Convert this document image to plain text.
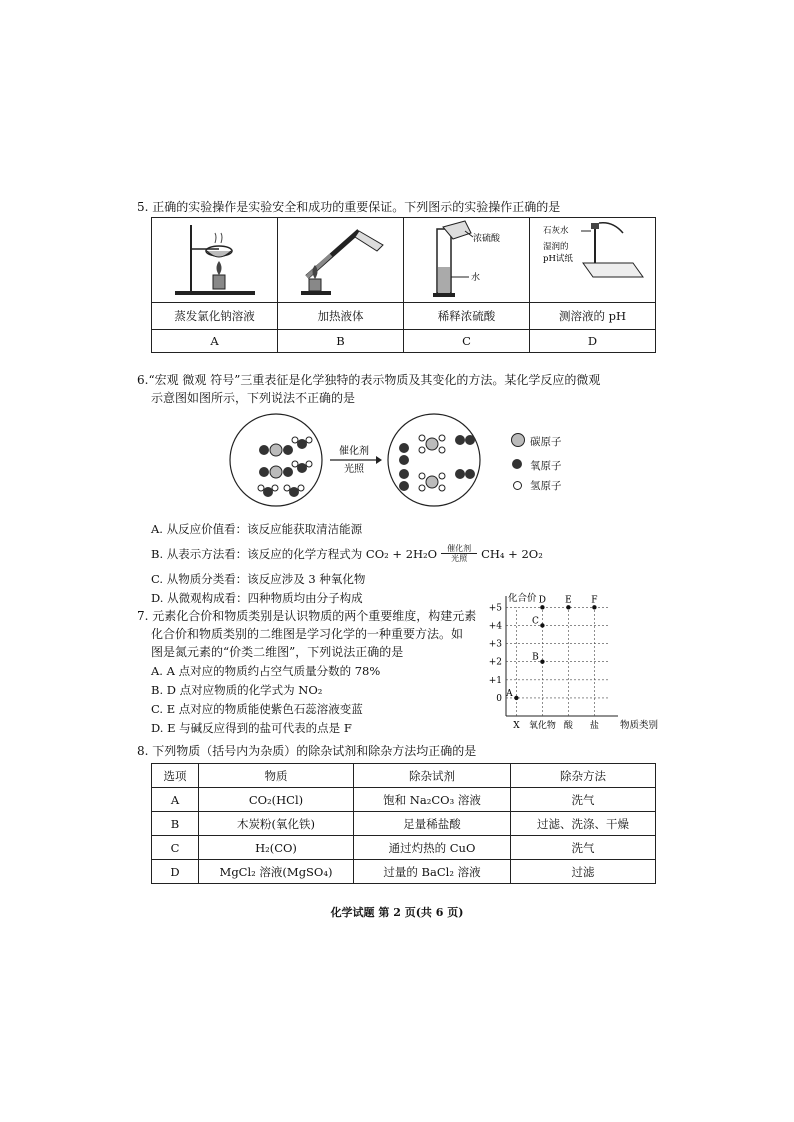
5. 正确的实验操作是实验安全和成功的重要保证。下列图示的实验操作正确的是

浓硫酸
水	石灰水
湿润的
pH试纸

蒸发氯化钠溶液	加热液体	稀释浓硫酸	测溶液的 pH
A	B	C	D
6.“宏观 微观 符号”三重表征是化学独特的表示物质及其变化的方法。某化学反应的微观
示意图如图所示，下列说法不正确的是
催化剂
光照
碳原子
氧原子
氢原子
A. 从反应价值看：该反应能获取清洁能源
B. 从表示方法看：该反应的化学方程式为 CO₂ + 2H₂O 催化剂
光照 CH₄ + 2O₂
C. 从物质分类看：该反应涉及 3 种氧化物
D. 从微观构成看：四种物质均由分子构成
7. 元素化合价和物质类别是认识物质的两个重要维度，构建元素
化合价和物质类别的二维图是学习化学的一种重要方法。如
图是氮元素的“价类二维图”，下列说法正确的是
A. A 点对应的物质约占空气质量分数的 78%
B. D 点对应物质的化学式为 NO₂
C. E 点对应的物质能使紫色石蕊溶液变蓝
D. E 与碱反应得到的盐可代表的点是 F
+5
+4
+3
+2
+1
0
X 氧化物 酸 盐
化合价
物质类别
A
B
C
D E F
8. 下列物质（括号内为杂质）的除杂试剂和除杂方法均正确的是
选项	物质	除杂试剂	除杂方法
A	CO₂(HCl)	饱和 Na₂CO₃ 溶液	洗气
B	木炭粉(氧化铁)	足量稀盐酸	过滤、洗涤、干燥
C	H₂(CO)	通过灼热的 CuO	洗气
D	MgCl₂ 溶液(MgSO₄)	过量的 BaCl₂ 溶液	过滤
化学试题 第 2 页(共 6 页)
